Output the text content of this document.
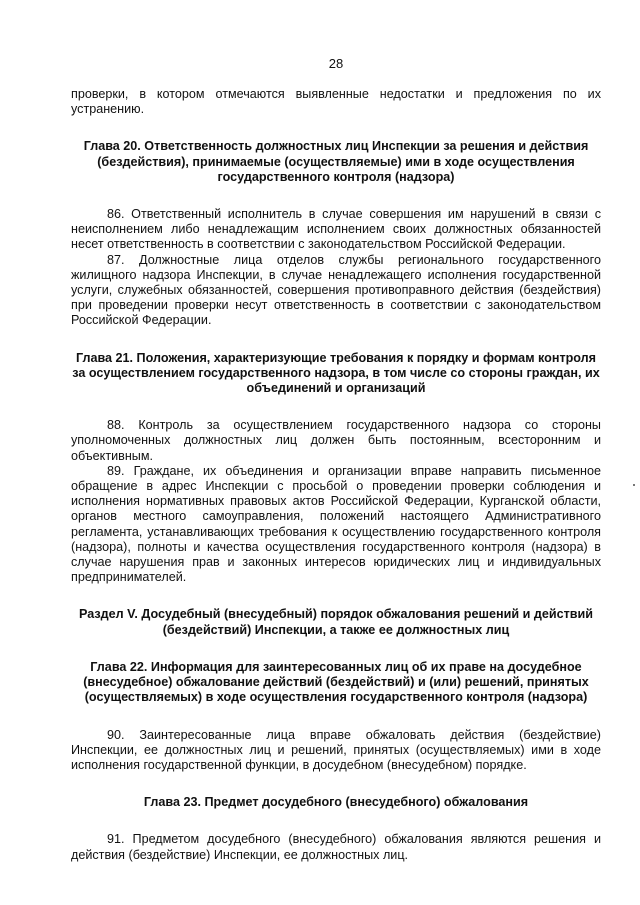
28

проверки, в котором отмечаются выявленные недостатки и предложения по их устранению.

Глава 20. Ответственность должностных лиц Инспекции за решения и действия (бездействия), принимаемые (осуществляемые) ими в ходе осуществления государственного контроля (надзора)

86. Ответственный исполнитель в случае совершения им нарушений в связи с неисполнением либо ненадлежащим исполнением своих должностных обязанностей несет ответственность в соответствии с законодательством Российской Федерации.

87. Должностные лица отделов службы регионального государственного жилищного надзора Инспекции, в случае ненадлежащего исполнения государственной услуги, служебных обязанностей, совершения противоправного действия (бездействия) при проведении проверки несут ответственность в соответствии с законодательством Российской Федерации.

Глава 21. Положения, характеризующие требования к порядку и формам контроля за осуществлением государственного надзора, в том числе со стороны граждан, их объединений и организаций

88. Контроль за осуществлением государственного надзора со стороны уполномоченных должностных лиц должен быть постоянным, всесторонним и объективным.

89. Граждане, их объединения и организации вправе направить письменное обращение в адрес Инспекции с просьбой о проведении проверки соблюдения и исполнения нормативных правовых актов Российской Федерации, Курганской области, органов местного самоуправления, положений настоящего Административного регламента, устанавливающих требования к осуществлению государственного контроля (надзора), полноты и качества осуществления государственного контроля (надзора) в случае нарушения прав и законных интересов юридических лиц и индивидуальных предпринимателей.

Раздел V. Досудебный (внесудебный) порядок обжалования решений и действий (бездействий) Инспекции, а также ее должностных лиц
Глава 22. Информация для заинтересованных лиц об их праве на досудебное (внесудебное) обжалование действий (бездействий) и (или) решений, принятых (осуществляемых) в ходе осуществления государственного контроля (надзора)

90. Заинтересованные лица вправе обжаловать действия (бездействие) Инспекции, ее должностных лиц и решений, принятых (осуществляемых) ими в ходе исполнения государственной функции, в досудебном (внесудебном) порядке.

Глава 23. Предмет досудебного (внесудебного) обжалования

91. Предметом досудебного (внесудебного) обжалования являются решения и действия (бездействие) Инспекции, ее должностных лиц.
